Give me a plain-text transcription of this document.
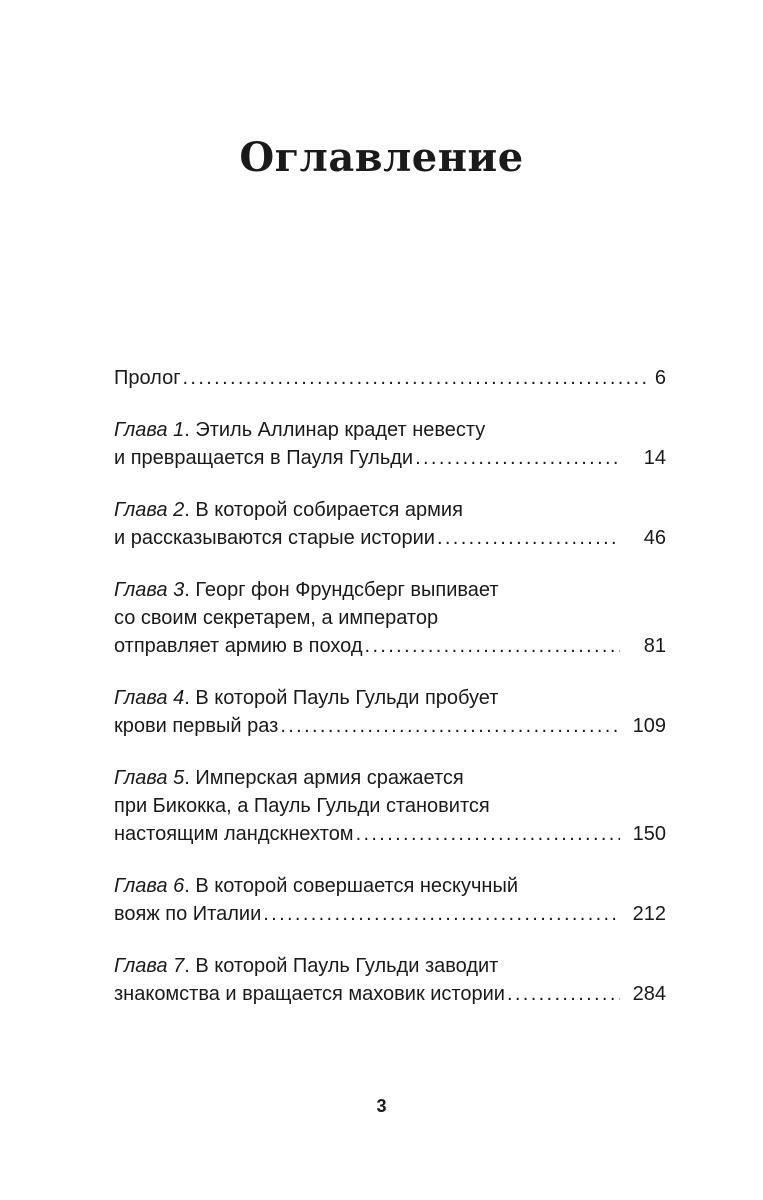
Оглавление
Пролог . . .	6
Глава 1 . Этиль Аллинар крадет невесту
и превращается в Пауля Гульди . . .	14
Глава 2 . В которой собирается армия
и рассказываются старые истории . . .	46
Глава 3 . Георг фон Фрундсберг выпивает
со своим секретарем, а император
отправляет армию в поход . . .	81
Глава 4 . В которой Пауль Гульди пробует
крови первый раз . . .	109
Глава 5 . Имперская армия сражается
при Бикокка, а Пауль Гульди становится
настоящим ландскнехтом . . .	150
Глава 6 . В которой совершается нескучный
вояж по Италии . . .	212
Глава 7 . В которой Пауль Гульди заводит
знакомства и вращается маховик истории . . .	284
3
